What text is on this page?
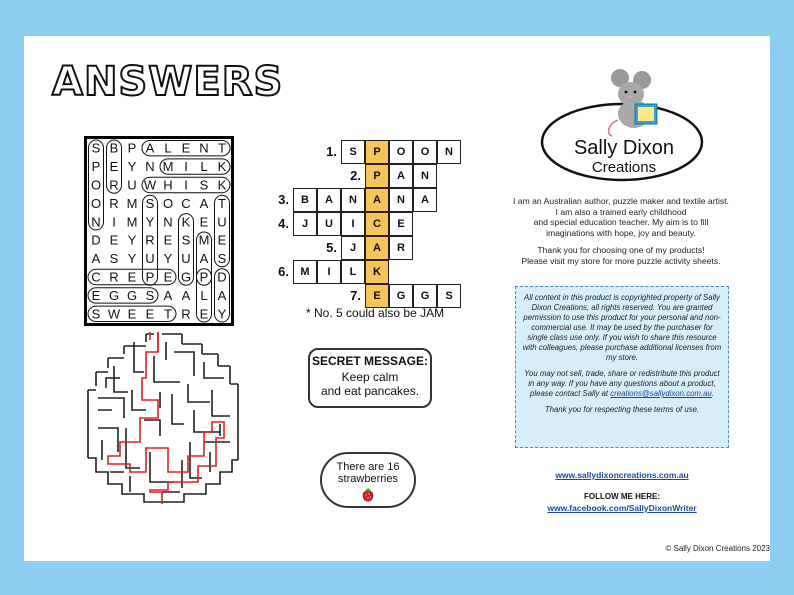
ANSWERS
S B P A L E N T
P E Y N M I L K
O R U W H I S K
O R M S O C A T
N I M Y N K E U
D E Y R E S M E
A S Y U Y U A S
C R E P E G P D
E G G S A A L A
S W E E T R E Y
1.	S	P	O	O	N
2.	P	A	N
3.	B	A	N	A	N	A
4.	J	U	I	C	E
5.	J	A	R
6.	M	I	L	K
7.	E	G	G	S
* No. 5 could also be JAM
SECRET MESSAGE:
Keep calm
and eat pancakes.
There are 16
strawberries
Sally Dixon
Creations

I am an Australian author, puzzle maker and textile artist.
I am also a trained early childhood
and special education teacher. My aim is to fill
imaginations with hope, joy and beauty.

Thank you for choosing one of my products!
Please visit my store for more puzzle activity sheets.

All content in this product is copyrighted property of Sally Dixon Creations, all rights reserved. You are granted permission to use this product for your personal and non-commercial use. It may be used by the purchaser for single class use only. If you wish to share this resource with colleagues, please purchase additional licenses from my store.

You may not sell, trade, share or redistribute this product in any way. If you have any questions about a product, please contact Sally at creations@sallydixon.com.au.

Thank you for respecting these terms of use.

www.sallydixoncreations.com.au
FOLLOW ME HERE:
www.facebook.com/SallyDixonWriter
© Sally Dixon Creations 2023
